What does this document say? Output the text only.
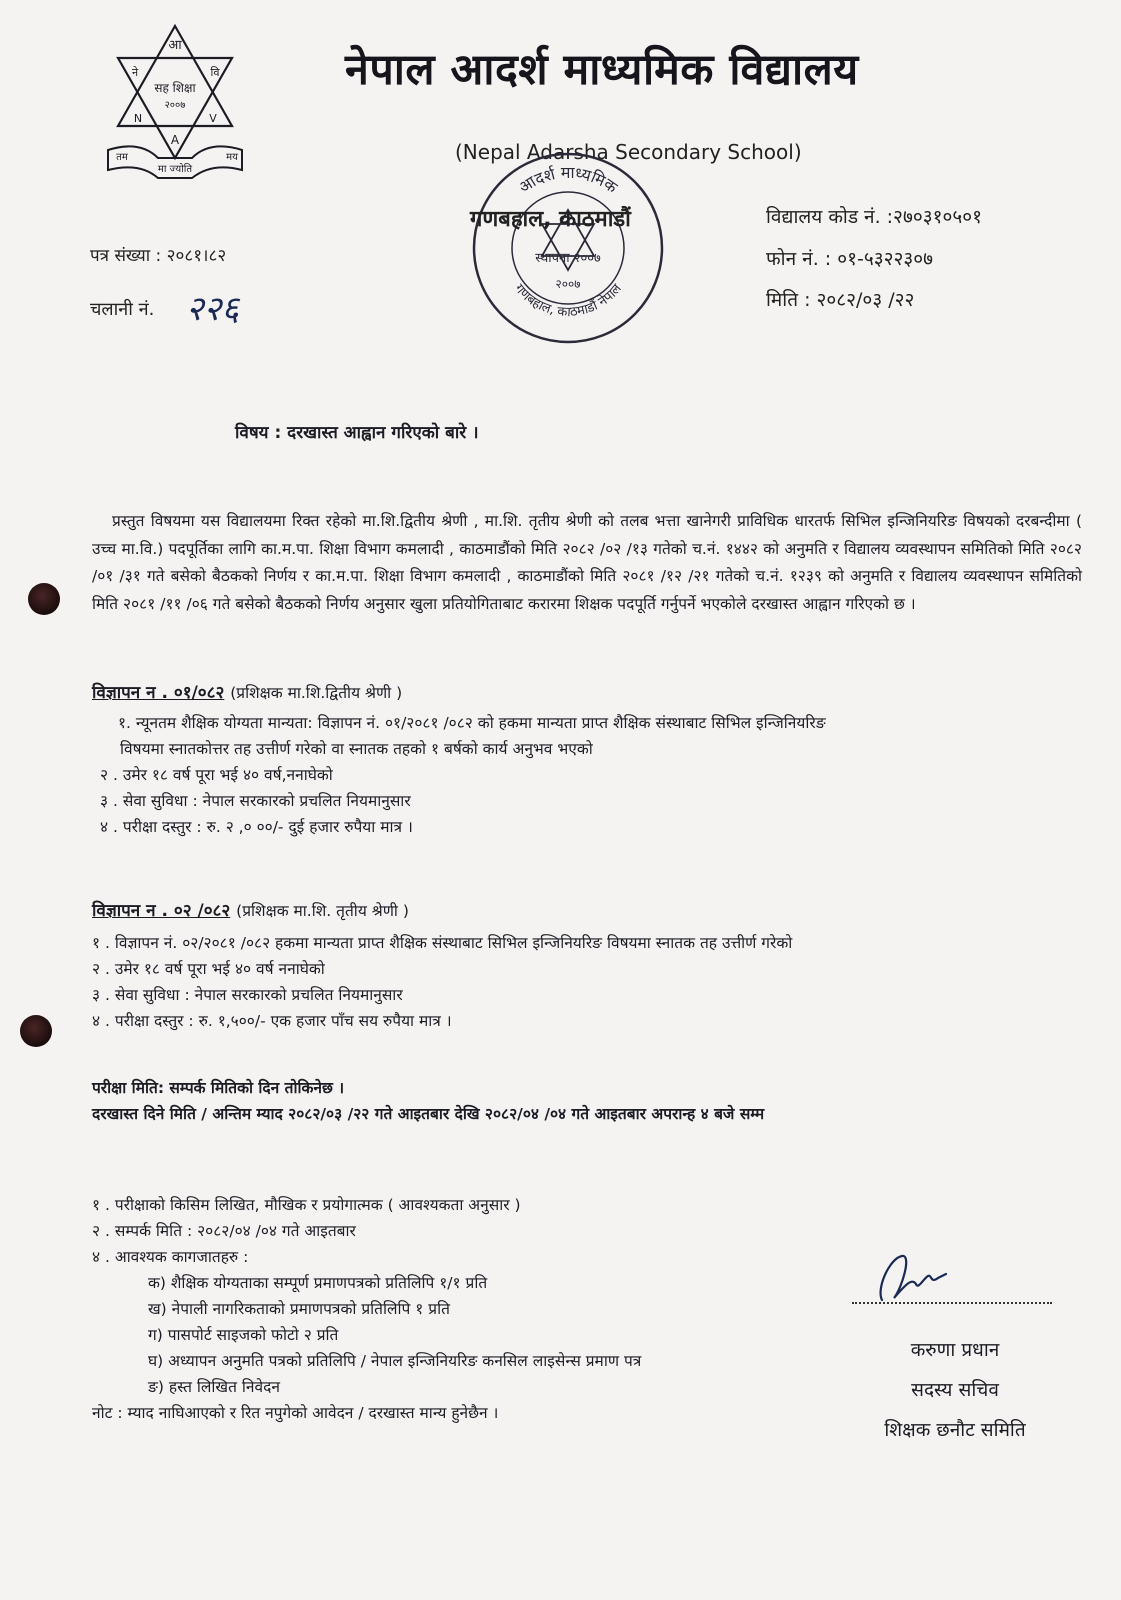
आ
ने	वि
सह शिक्षा
२००७
N
A
V
तम	मय
मा ज्योति
नेपाल आदर्श माध्यमिक विद्यालय
(Nepal Adarsha Secondary School)
आदर्श माध्यमिक
गणबहाल, काठमाडौं नेपाल
स्थापना २००७
२००७
गणबहाल, काठमाडौं
पत्र संख्या : २०८१।८२
चलानी नं. २२६
विद्यालय कोड नं. :२७०३१०५०१
फोन नं. : ०१-५३२२३०७
मिति : २०८२/०३ /२२
विषय : दरखास्त आह्वान गरिएको बारे ।
प्रस्तुत विषयमा यस विद्यालयमा रिक्त रहेको मा.शि.द्वितीय श्रेणी , मा.शि. तृतीय श्रेणी को तलब भत्ता खानेगरी प्राविधिक धारतर्फ सिभिल इन्जिनियरिङ विषयको दरबन्दीमा ( उच्च मा.वि.) पदपूर्तिका लागि का.म.पा. शिक्षा विभाग कमलादी , काठमाडौंको मिति २०८२ /०२ /१३ गतेको च.नं. १४४२ को अनुमति र विद्यालय व्यवस्थापन समितिको मिति २०८२ /०१ /३१ गते बसेको बैठकको निर्णय र का.म.पा. शिक्षा विभाग कमलादी , काठमाडौंको मिति २०८१ /१२ /२१ गतेको च.नं. १२३९ को अनुमति र विद्यालय व्यवस्थापन समितिको मिति २०८१ /११ /०६ गते बसेको बैठकको निर्णय अनुसार खुला प्रतियोगिताबाट करारमा शिक्षक पदपूर्ति गर्नुपर्ने भएकोले दरखास्त आह्वान गरिएको छ ।
विज्ञापन न . ०१/०८२ (प्रशिक्षक मा.शि.द्वितीय श्रेणी )
१. न्यूनतम शैक्षिक योग्यता मान्यता: विज्ञापन नं. ०१/२०८१ /०८२ को हकमा मान्यता प्राप्त शैक्षिक संस्थाबाट सिभिल इन्जिनियरिङ
विषयमा स्नातकोत्तर तह उत्तीर्ण गरेको वा स्नातक तहको १ बर्षको कार्य अनुभव भएको
२ . उमेर १८ वर्ष पूरा भई ४० वर्ष,ननाघेको
३ . सेवा सुविधा : नेपाल सरकारको प्रचलित नियमानुसार
४ . परीक्षा दस्तुर : रु. २ ,० ००/- दुई हजार रुपैया मात्र ।
विज्ञापन न . ०२ /०८२ (प्रशिक्षक मा.शि. तृतीय श्रेणी )
१ . विज्ञापन नं. ०२/२०८१ /०८२ हकमा मान्यता प्राप्त शैक्षिक संस्थाबाट सिभिल इन्जिनियरिङ विषयमा स्नातक तह उत्तीर्ण गरेको
२ . उमेर १८ वर्ष पूरा भई ४० वर्ष ननाघेको
३ . सेवा सुविधा : नेपाल सरकारको प्रचलित नियमानुसार
४ . परीक्षा दस्तुर : रु. १,५००/- एक हजार पाँच सय रुपैया मात्र ।
परीक्षा मिति: सम्पर्क मितिको दिन तोकिनेछ ।
दरखास्त दिने मिति / अन्तिम म्याद २०८२/०३ /२२ गते आइतबार देखि २०८२/०४ /०४ गते आइतबार अपरान्ह ४ बजे सम्म
१ . परीक्षाको किसिम लिखित, मौखिक र प्रयोगात्मक ( आवश्यकता अनुसार )
२ . सम्पर्क मिति : २०८२/०४ /०४ गते आइतबार
४ . आवश्यक कागजातहरु :
क) शैक्षिक योग्यताका सम्पूर्ण प्रमाणपत्रको प्रतिलिपि १/१ प्रति
ख) नेपाली नागरिकताको प्रमाणपत्रको प्रतिलिपि १ प्रति
ग) पासपोर्ट साइजको फोटो २ प्रति
घ) अध्यापन अनुमति पत्रको प्रतिलिपि / नेपाल इन्जिनियरिङ कनसिल लाइसेन्स प्रमाण पत्र
ङ) हस्त लिखित निवेदन
नोट : म्याद नाघिआएको र रित नपुगेको आवेदन / दरखास्त मान्य हुनेछैन ।
करुणा प्रधान
सदस्य सचिव
शिक्षक छनौट समिति
